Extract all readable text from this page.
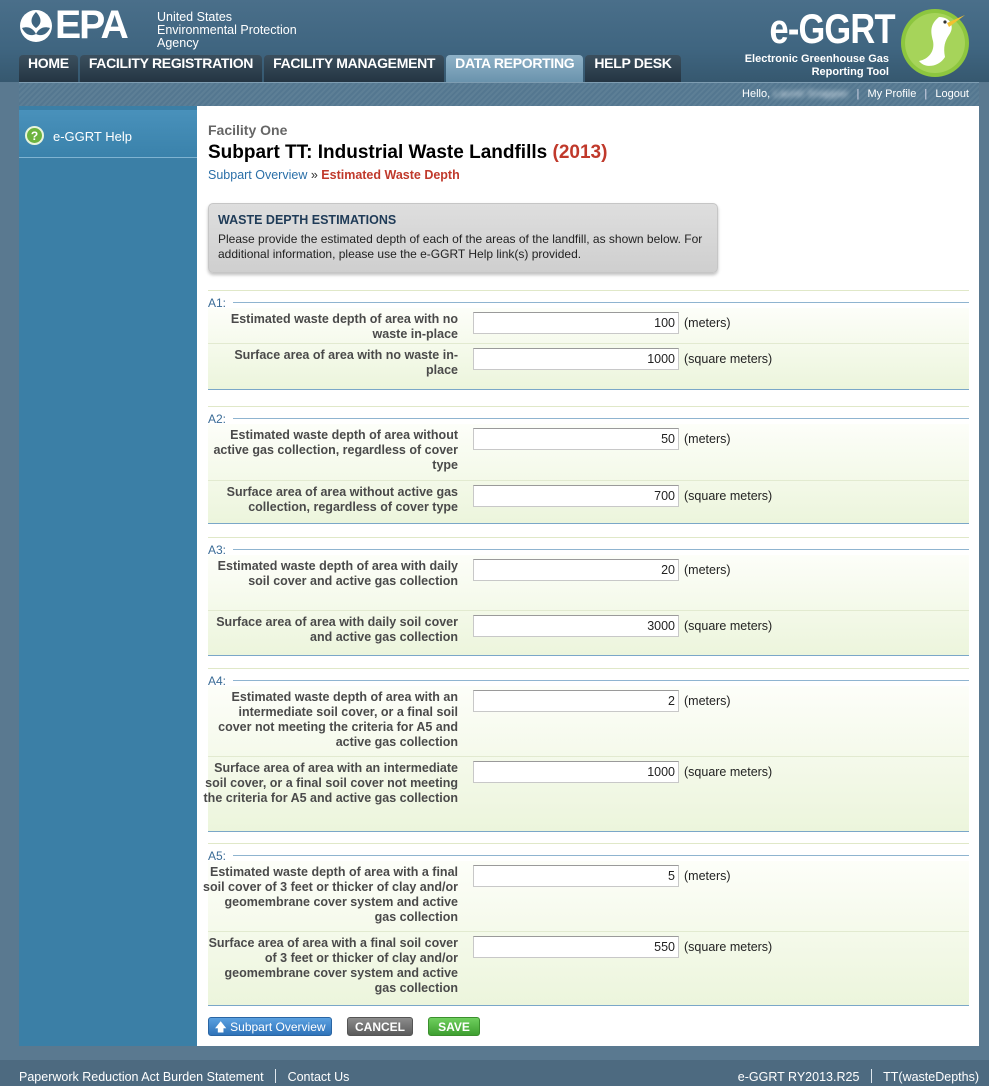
EPA United States
Environmental Protection
Agency	e-GGRT
Electronic Greenhouse Gas
Reporting Tool
HOME	FACILITY REGISTRATION	FACILITY MANAGEMENT	DATA REPORTING	HELP DESK
Hello, Laurel Snapper | My Profile | Logout
?	e-GGRT Help	Facility One
Subpart TT: Industrial Waste Landfills (2013)
Subpart Overview » Estimated Waste Depth
WASTE DEPTH ESTIMATIONS

Please provide the estimated depth of each of the areas of the landfill, as shown below. For additional information, please use the e-GGRT Help link(s) provided.

A1:
Estimated waste depth of area with no waste in-place
100
(meters)
Surface area of area with no waste in-place
1000
(square meters)
A2:
Estimated waste depth of area without active gas collection, regardless of cover type
50
(meters)
Surface area of area without active gas collection, regardless of cover type
700
(square meters)
A3:
Estimated waste depth of area with daily soil cover and active gas collection
20
(meters)
Surface area of area with daily soil cover and active gas collection
3000
(square meters)
A4:
Estimated waste depth of area with an intermediate soil cover, or a final soil cover not meeting the criteria for A5 and active gas collection
2
(meters)
Surface area of area with an intermediate soil cover, or a final soil cover not meeting the criteria for A5 and active gas collection
1000
(square meters)
A5:
Estimated waste depth of area with a final soil cover of 3 feet or thicker of clay and/or geomembrane cover system and active gas collection
5
(meters)
Surface area of area with a final soil cover of 3 feet or thicker of clay and/or geomembrane cover system and active gas collection
550
(square meters)
🡅 Subpart Overview	CANCEL	SAVE
Paperwork Reduction Act Burden Statement Contact Us	e-GGRT RY2013.R25 TT(wasteDepths)
